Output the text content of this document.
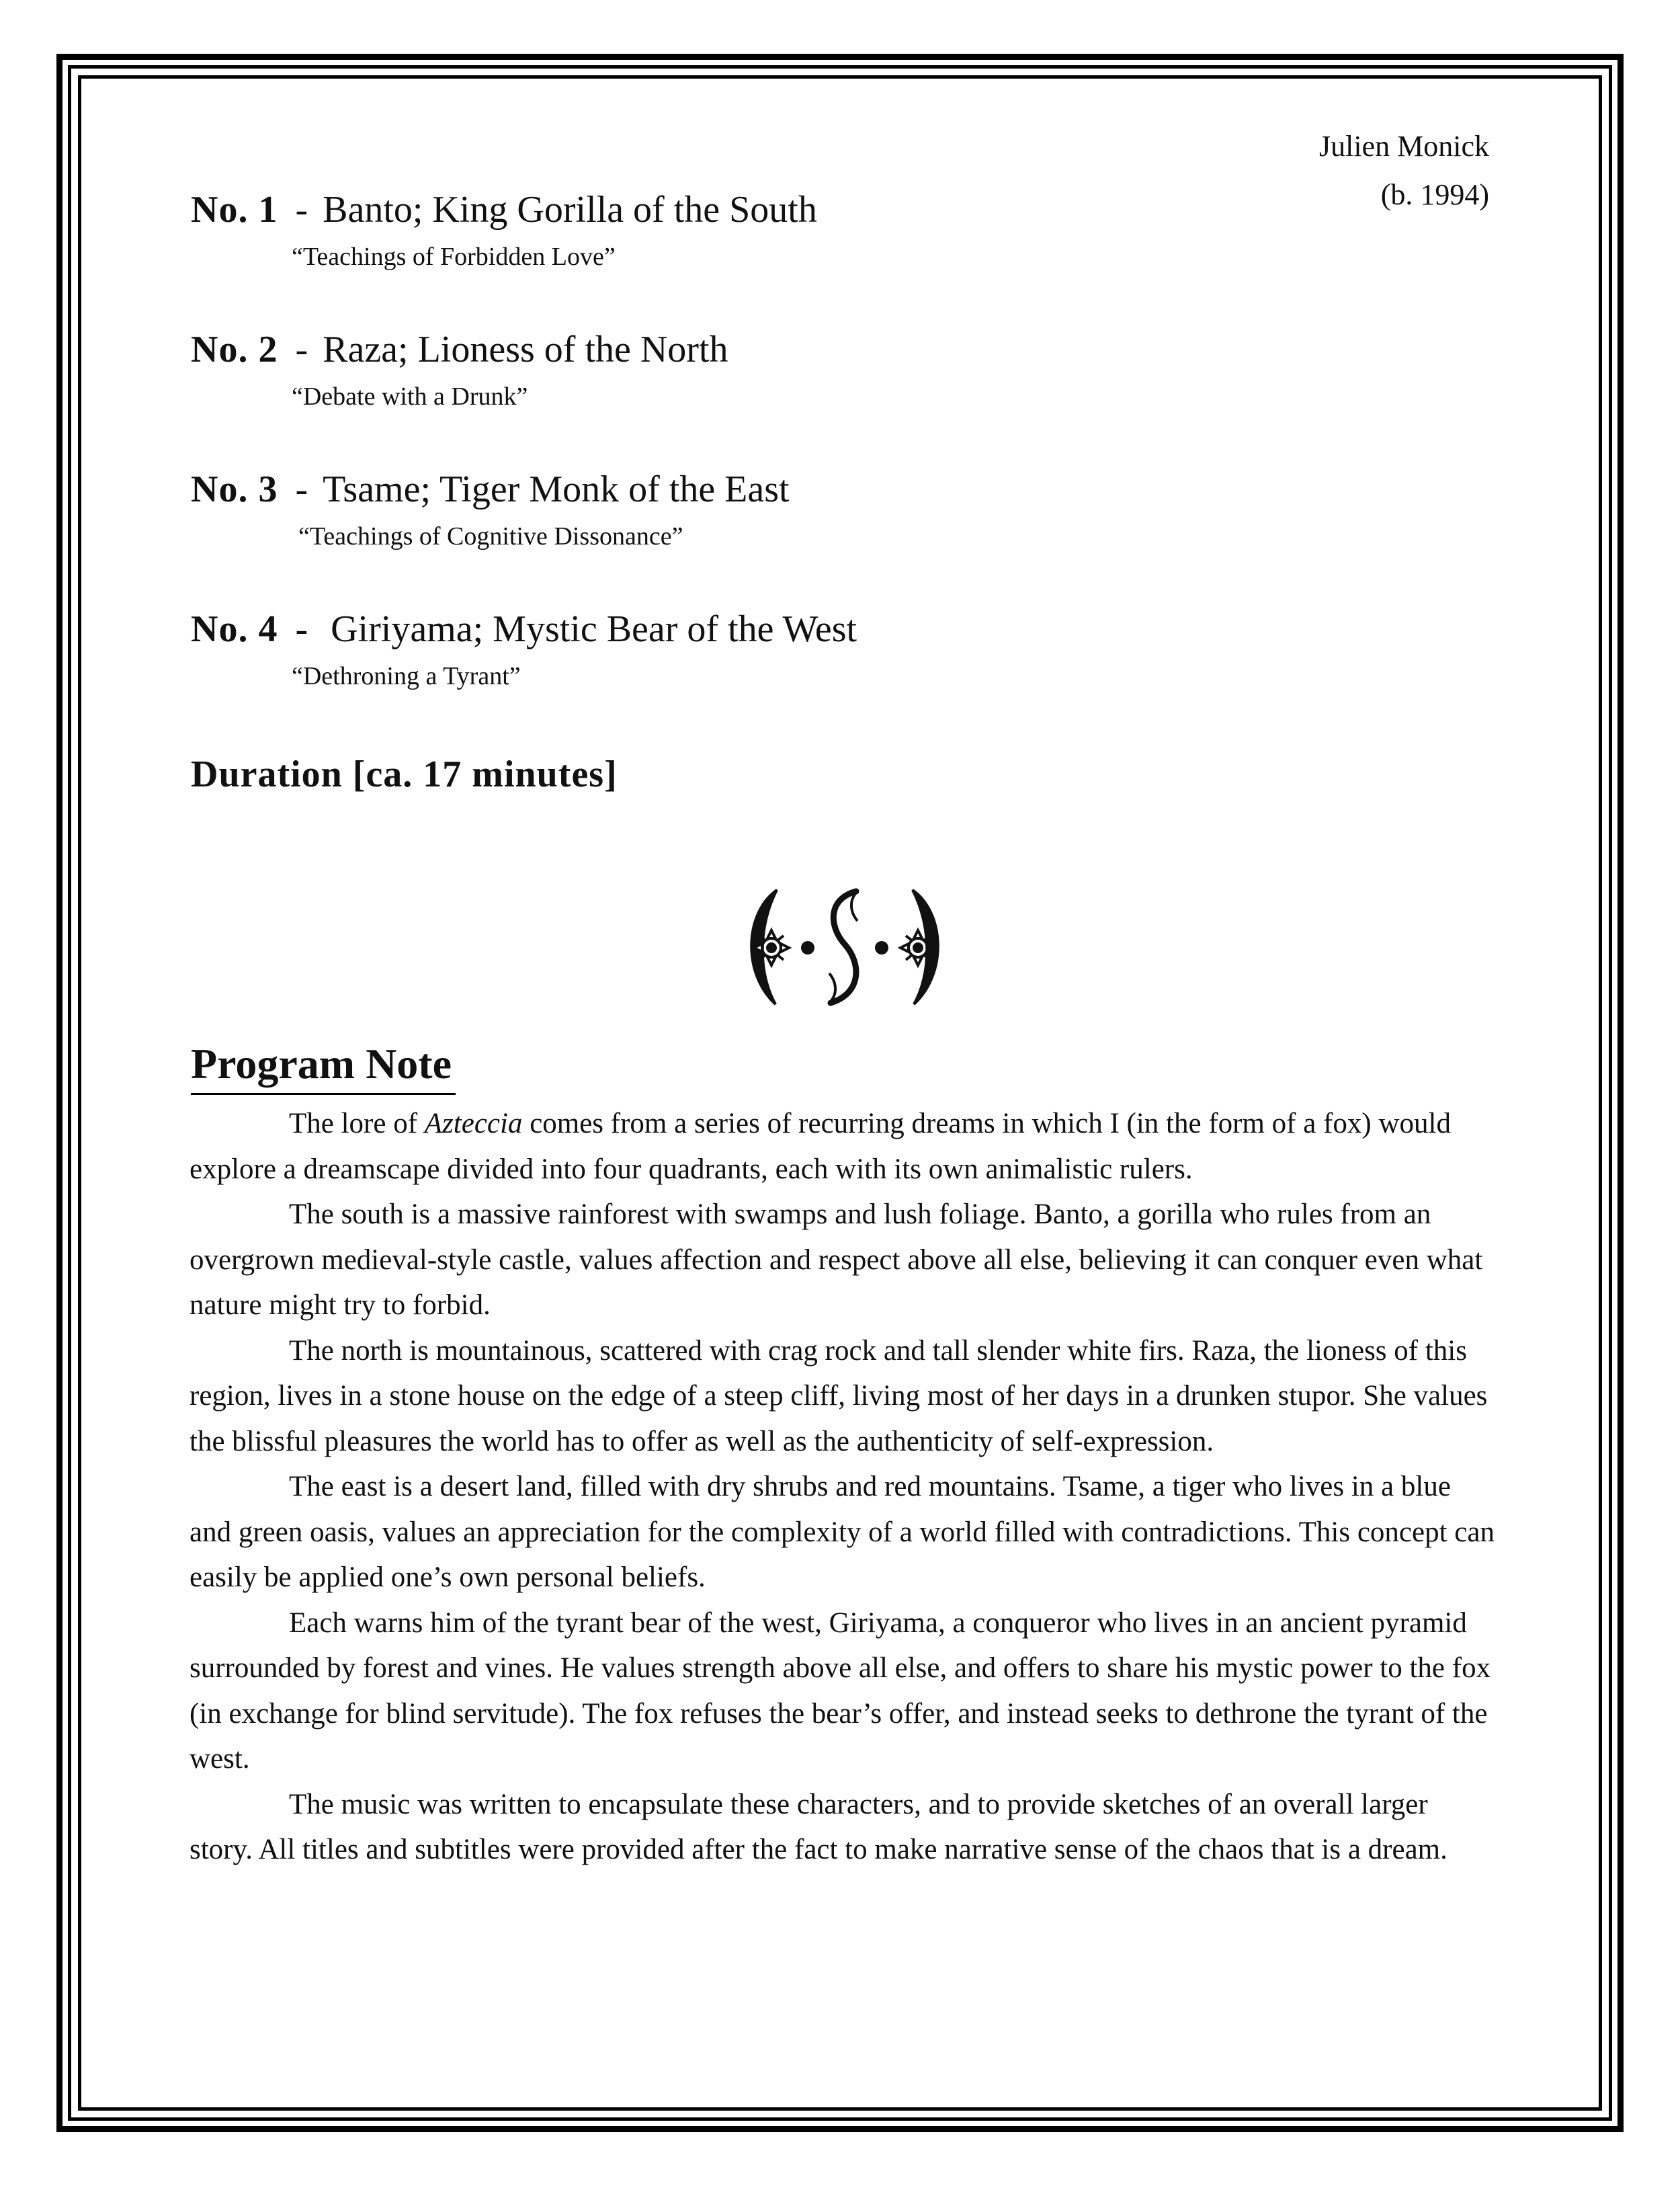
Julien Monick
(b. 1994)
No. 1 - Banto; King Gorilla of the South
“Teachings of Forbidden Love”
No. 2 - Raza; Lioness of the North
“Debate with a Drunk”
No. 3 - Tsame; Tiger Monk of the East
“Teachings of Cognitive Dissonance”
No. 4 - Giriyama; Mystic Bear of the West
“Dethroning a Tyrant”
Duration [ca. 17 minutes]
Program Note

The lore of Azteccia comes from a series of recurring dreams in which I (in the form of a fox) would explore a dreamscape divided into four quadrants, each with its own animalistic rulers.

The south is a massive rainforest with swamps and lush foliage. Banto, a gorilla who rules from an overgrown medieval-style castle, values affection and respect above all else, believing it can conquer even what nature might try to forbid.

The north is mountainous, scattered with crag rock and tall slender white firs. Raza, the lioness of this region, lives in a stone house on the edge of a steep cliff, living most of her days in a drunken stupor. She values the blissful pleasures the world has to offer as well as the authenticity of self-expression.

The east is a desert land, filled with dry shrubs and red mountains. Tsame, a tiger who lives in a blue and green oasis, values an appreciation for the complexity of a world filled with contradictions. This concept can easily be applied one’s own personal beliefs.

Each warns him of the tyrant bear of the west, Giriyama, a conqueror who lives in an ancient pyramid surrounded by forest and vines. He values strength above all else, and offers to share his mystic power to the fox (in exchange for blind servitude). The fox refuses the bear’s offer, and instead seeks to dethrone the tyrant of the west.

The music was written to encapsulate these characters, and to provide sketches of an overall larger story. All titles and subtitles were provided after the fact to make narrative sense of the chaos that is a dream.
